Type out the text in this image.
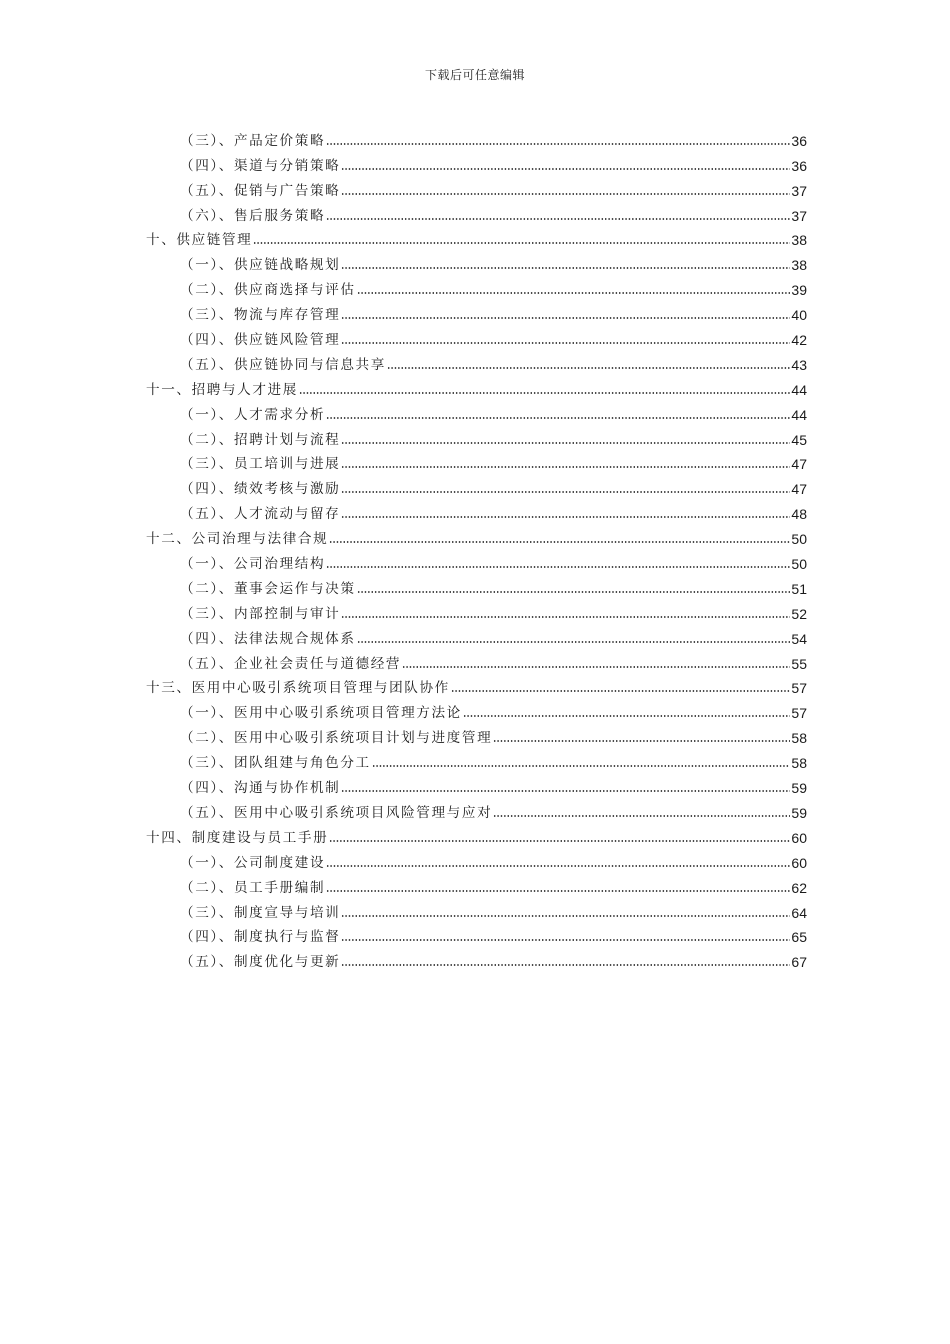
下载后可任意编辑
（三）、产品定价策略	36
（四）、渠道与分销策略	36
（五）、促销与广告策略	37
（六）、售后服务策略	37
十、供应链管理	38
（一）、供应链战略规划	38
（二）、供应商选择与评估	39
（三）、物流与库存管理	40
（四）、供应链风险管理	42
（五）、供应链协同与信息共享	43
十一、招聘与人才进展	44
（一）、人才需求分析	44
（二）、招聘计划与流程	45
（三）、员工培训与进展	47
（四）、绩效考核与激励	47
（五）、人才流动与留存	48
十二、公司治理与法律合规	50
（一）、公司治理结构	50
（二）、董事会运作与决策	51
（三）、内部控制与审计	52
（四）、法律法规合规体系	54
（五）、企业社会责任与道德经营	55
十三、医用中心吸引系统项目管理与团队协作	57
（一）、医用中心吸引系统项目管理方法论	57
（二）、医用中心吸引系统项目计划与进度管理	58
（三）、团队组建与角色分工	58
（四）、沟通与协作机制	59
（五）、医用中心吸引系统项目风险管理与应对	59
十四、制度建设与员工手册	60
（一）、公司制度建设	60
（二）、员工手册编制	62
（三）、制度宣导与培训	64
（四）、制度执行与监督	65
（五）、制度优化与更新	67
